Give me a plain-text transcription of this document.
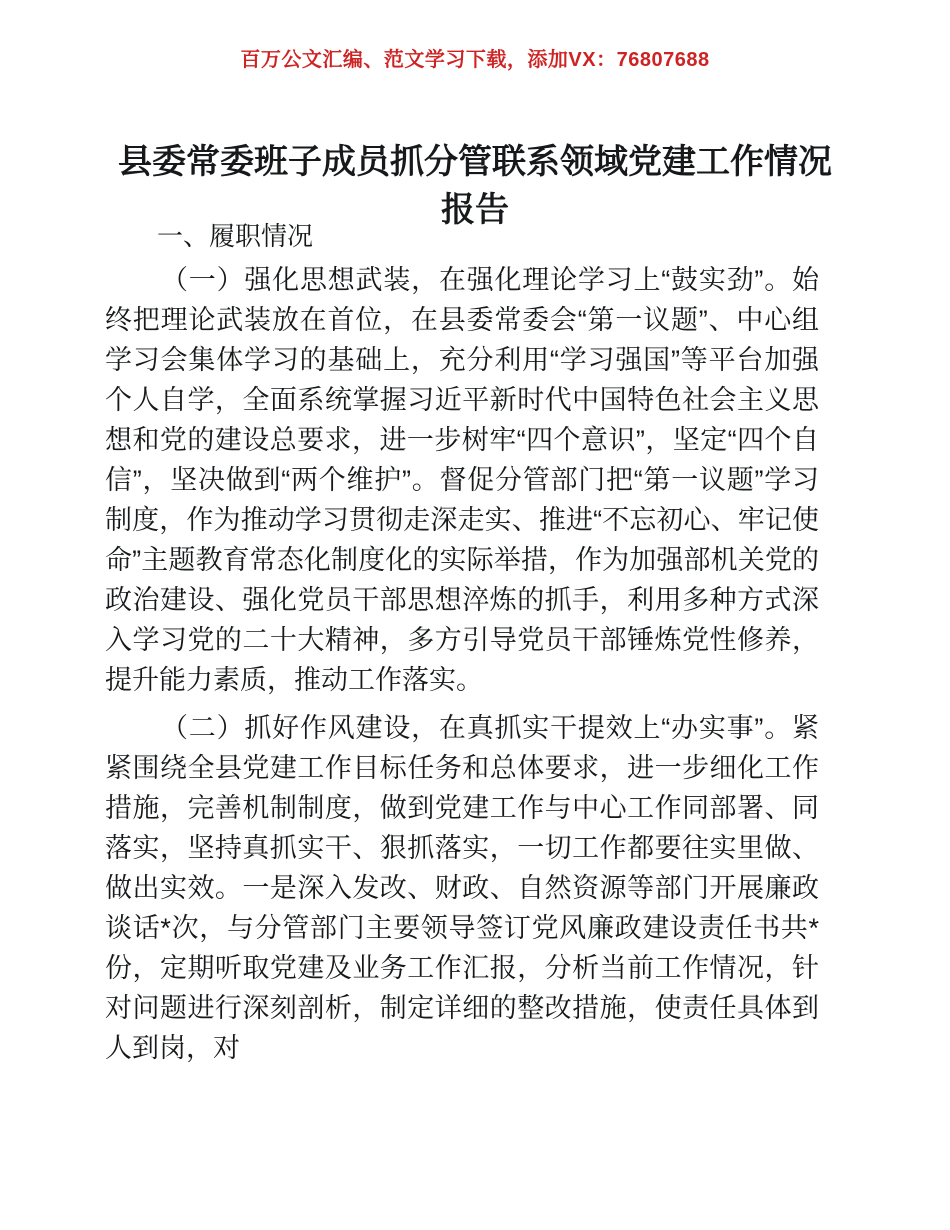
百万公文汇编、范文学习下载，添加VX：76807688
县委常委班子成员抓分管联系领域党建工作情况报告
一、履职情况

（一）强化思想武装，在强化理论学习上“鼓实劲”。始终把理论武装放在首位，在县委常委会“第一议题”、中心组学习会集体学习的基础上，充分利用“学习强国”等平台加强个人自学，全面系统掌握习近平新时代中国特色社会主义思想和党的建设总要求，进一步树牢“四个意识”，坚定“四个自信”，坚决做到“两个维护”。督促分管部门把“第一议题”学习制度，作为推动学习贯彻走深走实、推进“不忘初心、牢记使命”主题教育常态化制度化的实际举措，作为加强部机关党的政治建设、强化党员干部思想淬炼的抓手，利用多种方式深入学习党的二十大精神，多方引导党员干部锤炼党性修养，提升能力素质，推动工作落实。

（二）抓好作风建设，在真抓实干提效上“办实事”。紧紧围绕全县党建工作目标任务和总体要求，进一步细化工作措施，完善机制制度，做到党建工作与中心工作同部署、同落实，坚持真抓实干、狠抓落实，一切工作都要往实里做、做出实效。一是深入发改、财政、自然资源等部门开展廉政谈话*次，与分管部门主要领导签订党风廉政建设责任书共*份，定期听取党建及业务工作汇报，分析当前工作情况，针对问题进行深刻剖析，制定详细的整改措施，使责任具体到人到岗，对
